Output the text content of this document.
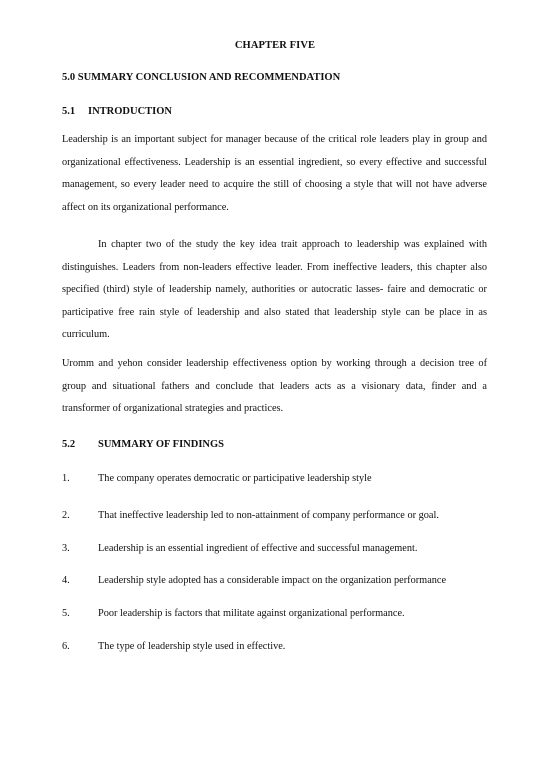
CHAPTER FIVE
5.0 SUMMARY CONCLUSION AND RECOMMENDATION
5.1 INTRODUCTION
Leadership is an important subject for manager because of the critical role leaders play in group and organizational effectiveness. Leadership is an essential ingredient, so every effective and successful management, so every leader need to acquire the still of choosing a style that will not have adverse affect on its organizational performance.
In chapter two of the study the key idea trait approach to leadership was explained with distinguishes. Leaders from non-leaders effective leader. From ineffective leaders, this chapter also specified (third) style of leadership namely, authorities or autocratic lasses- faire and democratic or participative free rain style of leadership and also stated that leadership style can be place in as curriculum.
Uromm and yehon consider leadership effectiveness option by working through a decision tree of group and situational fathers and conclude that leaders acts as a visionary data, finder and a transformer of organizational strategies and practices.
5.2 SUMMARY OF FINDINGS
1.	The company operates democratic or participative leadership style
2.	That ineffective leadership led to non-attainment of company performance or goal.
3.	Leadership is an essential ingredient of effective and successful management.
4.	Leadership style adopted has a considerable impact on the organization performance
5.	Poor leadership is factors that militate against organizational performance.
6.	The type of leadership style used in effective.
